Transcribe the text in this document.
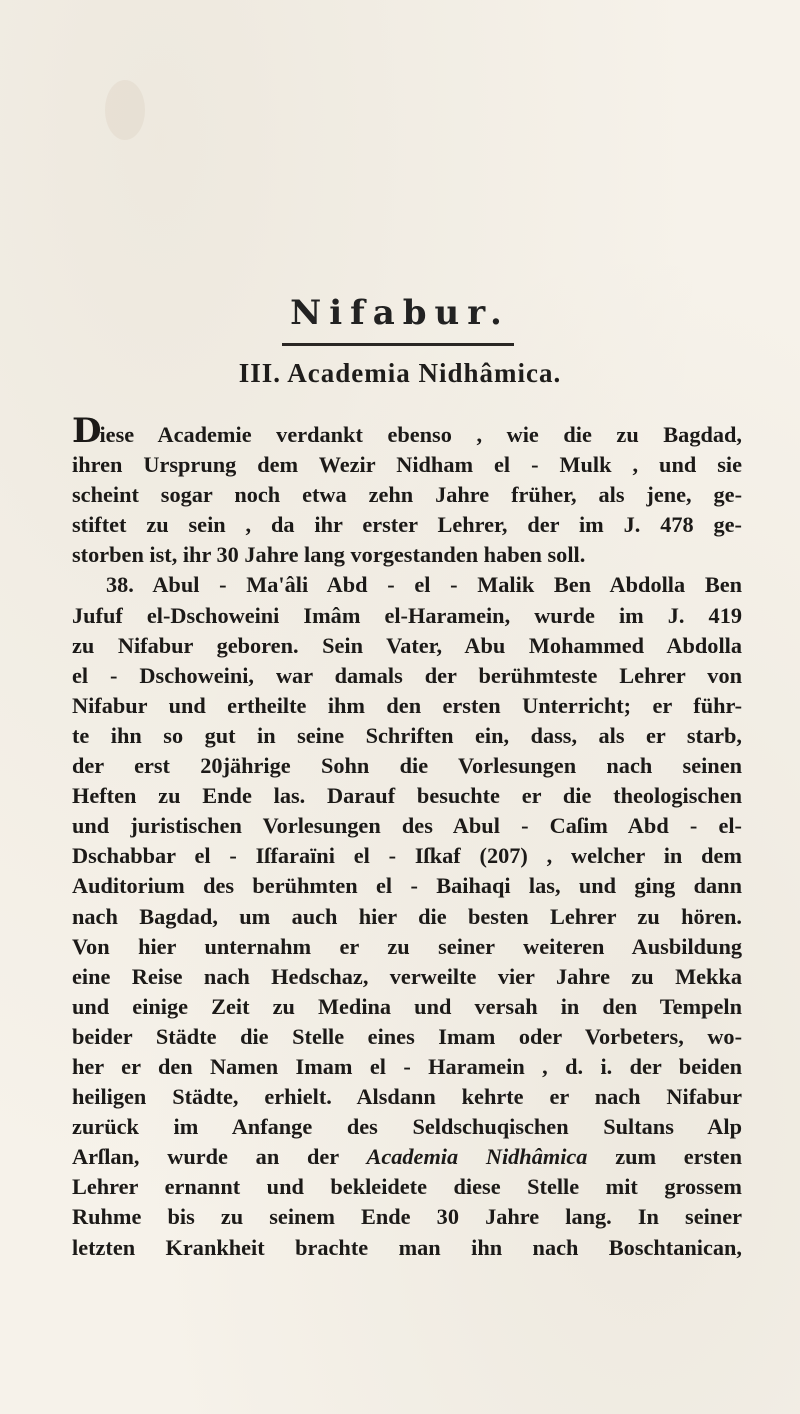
Nifabur.
III. Academia Nidhâmica.
Diese Academie verdankt ebenso , wie die zu Bagdad,
ihren Ursprung dem Wezir Nidham el - Mulk , und sie
scheint sogar noch etwa zehn Jahre früher, als jene, ge-
stiftet zu sein , da ihr erster Lehrer, der im J. 478 ge-
storben ist, ihr 30 Jahre lang vorgestanden haben soll.
38. Abul - Ma'âli Abd - el - Malik Ben Abdolla Ben
Jufuf el-Dschoweini Imâm el-Haramein, wurde im J. 419
zu Nifabur geboren. Sein Vater, Abu Mohammed Abdolla
el - Dschoweini, war damals der berühmteste Lehrer von
Nifabur und ertheilte ihm den ersten Unterricht; er führ-
te ihn so gut in seine Schriften ein, dass, als er starb,
der erst 20jährige Sohn die Vorlesungen nach seinen
Heften zu Ende las. Darauf besuchte er die theologischen
und juristischen Vorlesungen des Abul - Caſim Abd - el-
Dschabbar el - Iſfaraïni el - Iſkaf (207) , welcher in dem
Auditorium des berühmten el - Baihaqi las, und ging dann
nach Bagdad, um auch hier die besten Lehrer zu hören.
Von hier unternahm er zu seiner weiteren Ausbildung
eine Reise nach Hedschaz, verweilte vier Jahre zu Mekka
und einige Zeit zu Medina und versah in den Tempeln
beider Städte die Stelle eines Imam oder Vorbeters, wo-
her er den Namen Imam el - Haramein , d. i. der beiden
heiligen Städte, erhielt. Alsdann kehrte er nach Nifabur
zurück im Anfange des Seldschuqischen Sultans Alp
Arſlan, wurde an der Academia Nidhâmica zum ersten
Lehrer ernannt und bekleidete diese Stelle mit grossem
Ruhme bis zu seinem Ende 30 Jahre lang. In seiner
letzten Krankheit brachte man ihn nach Boschtanican,
